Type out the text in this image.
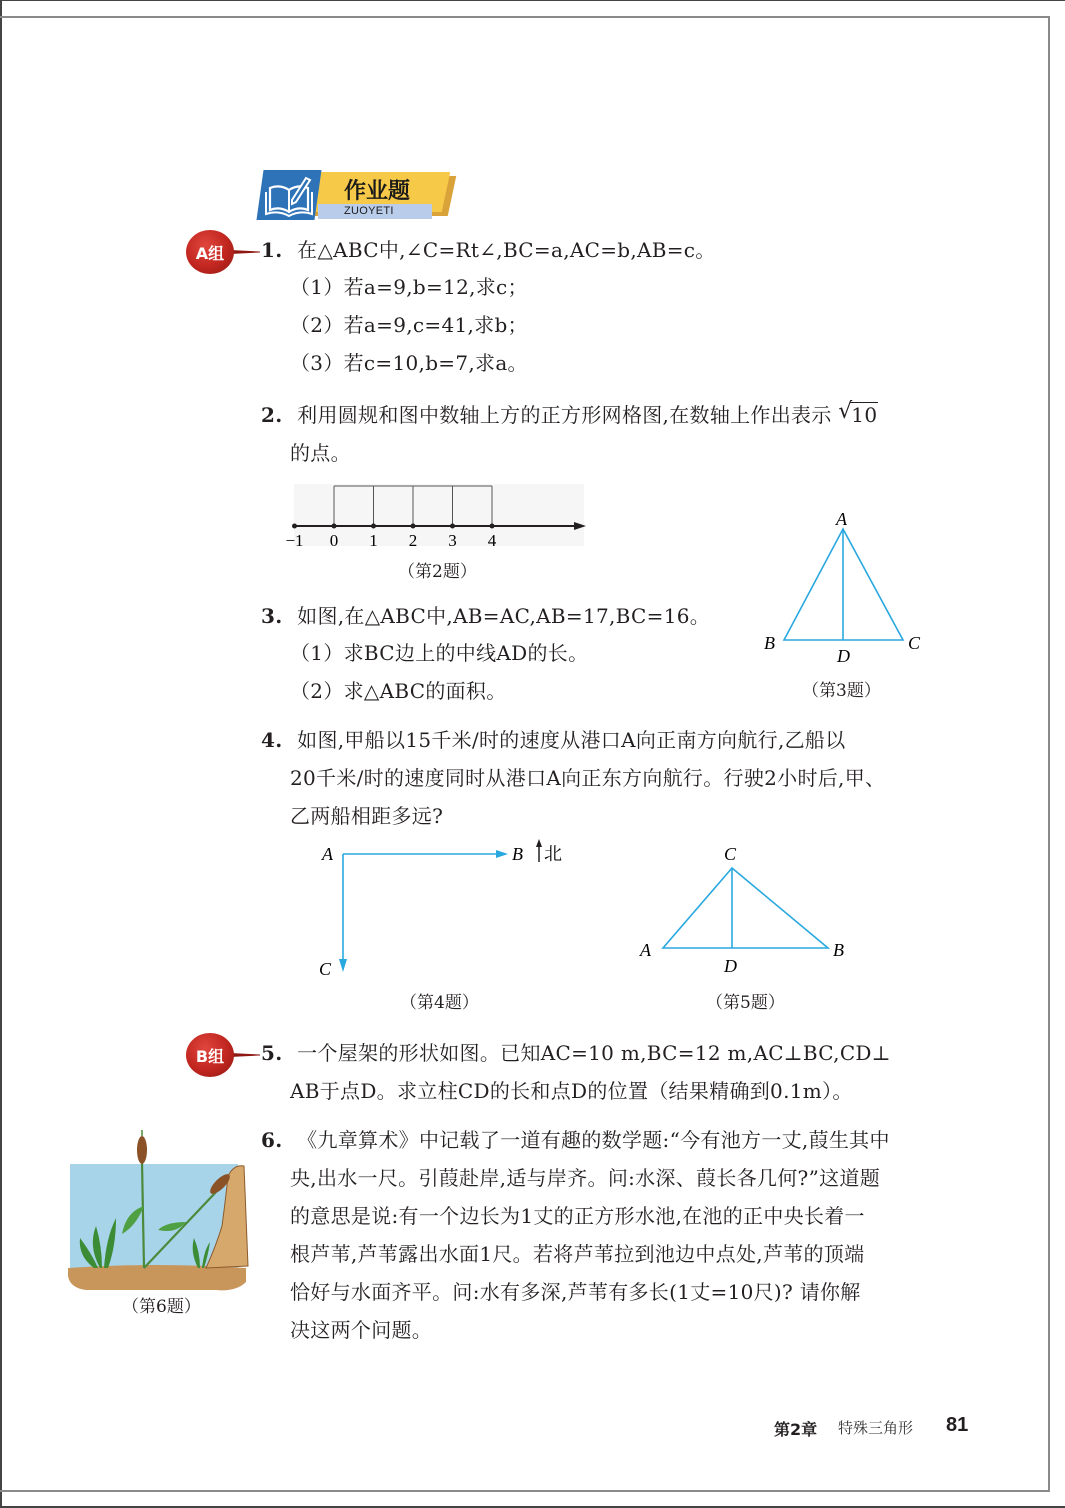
作业题
ZUOYETI
A组	1. 在△ABC中,∠C=Rt∠,BC=a,AC=b,AB=c。
（1）若a=9,b=12,求c；
（2）若a=9,c=41,求b；
（3）若c=10,b=7,求a。
2. 利用圆规和图中数轴上方的正方形网格图,在数轴上作出表示 √
10
的点。
−1 0 1 2 3 4
（第2题）
3. 如图,在△ABC中,AB=AC,AB=17,BC=16。
（1）求BC边上的中线AD的长。
（2）求△ABC的面积。
A
B	C
D
（第3题）
4. 如图,甲船以15千米/时的速度从港口A向正南方向航行,乙船以
20千米/时的速度同时从港口A向正东方向航行。行驶2小时后,甲、
乙两船相距多远?
A	B
C
北
（第4题）
C
A	B
D
（第5题）
B组	5. 一个屋架的形状如图。已知AC=10 m,BC=12 m,AC⊥BC,CD⊥
AB于点D。求立柱CD的长和点D的位置（结果精确到0.1m）。
（第6题）
6. 《九章算术》中记载了一道有趣的数学题:“今有池方一丈,葭生其中
央,出水一尺。引葭赴岸,适与岸齐。问:水深、葭长各几何?”这道题
的意思是说:有一个边长为1丈的正方形水池,在池的正中央长着一
根芦苇,芦苇露出水面1尺。若将芦苇拉到池边中点处,芦苇的顶端
恰好与水面齐平。问:水有多深,芦苇有多长(1丈=10尺)? 请你解
决这两个问题。
第2章 特殊三角形 81
